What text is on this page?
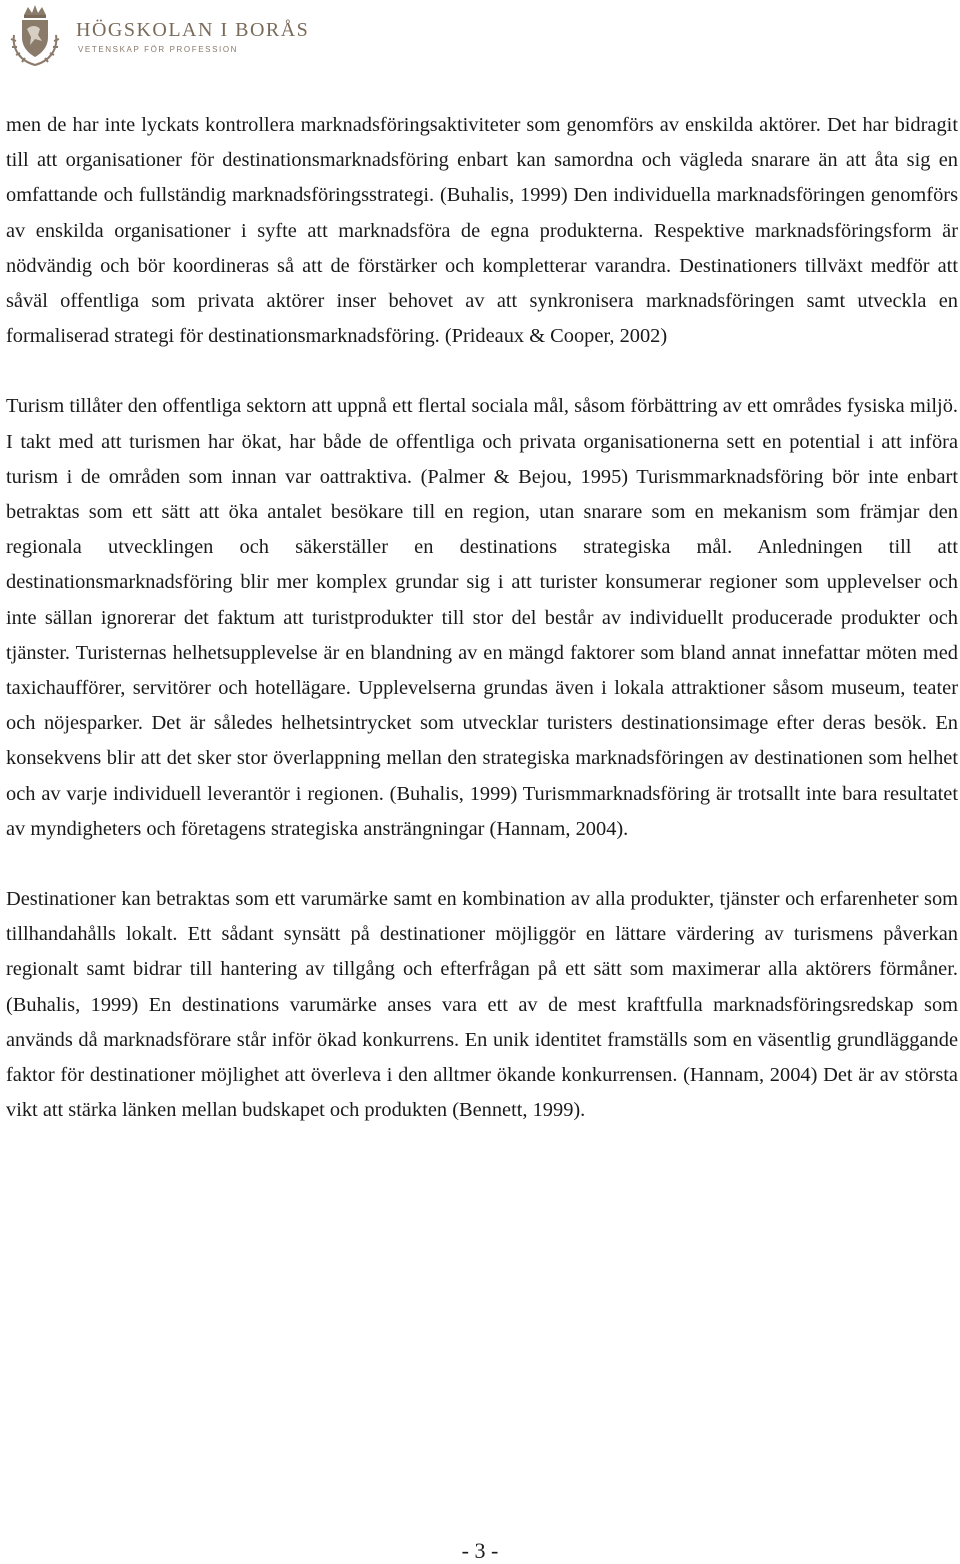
HÖGSKOLAN I BORÅS
VETENSKAP FÖR PROFESSION

men de har inte lyckats kontrollera marknadsföringsaktiviteter som genomförs av enskilda aktörer. Det har bidragit till att organisationer för destinationsmarknadsföring enbart kan samordna och vägleda snarare än att åta sig en omfattande och fullständig marknadsföringsstrategi. (Buhalis, 1999) Den individuella marknadsföringen genomförs av enskilda organisationer i syfte att marknadsföra de egna produkterna. Respektive marknadsföringsform är nödvändig och bör koordineras så att de förstärker och kompletterar varandra. Destinationers tillväxt medför att såväl offentliga som privata aktörer inser behovet av att synkronisera marknadsföringen samt utveckla en formaliserad strategi för destinationsmarknadsföring. (Prideaux & Cooper, 2002)

Turism tillåter den offentliga sektorn att uppnå ett flertal sociala mål, såsom förbättring av ett områdes fysiska miljö. I takt med att turismen har ökat, har både de offentliga och privata organisationerna sett en potential i att införa turism i de områden som innan var oattraktiva. (Palmer & Bejou, 1995) Turismmarknadsföring bör inte enbart betraktas som ett sätt att öka antalet besökare till en region, utan snarare som en mekanism som främjar den regionala utvecklingen och säkerställer en destinations strategiska mål. Anledningen till att destinationsmarknadsföring blir mer komplex grundar sig i att turister konsumerar regioner som upplevelser och inte sällan ignorerar det faktum att turistprodukter till stor del består av individuellt producerade produkter och tjänster. Turisternas helhetsupplevelse är en blandning av en mängd faktorer som bland annat innefattar möten med taxichaufförer, servitörer och hotellägare. Upplevelserna grundas även i lokala attraktioner såsom museum, teater och nöjesparker. Det är således helhetsintrycket som utvecklar turisters destinationsimage efter deras besök. En konsekvens blir att det sker stor överlappning mellan den strategiska marknadsföringen av destinationen som helhet och av varje individuell leverantör i regionen. (Buhalis, 1999) Turismmarknadsföring är trotsallt inte bara resultatet av myndigheters och företagens strategiska ansträngningar (Hannam, 2004).

Destinationer kan betraktas som ett varumärke samt en kombination av alla produkter, tjänster och erfarenheter som tillhandahålls lokalt. Ett sådant synsätt på destinationer möjliggör en lättare värdering av turismens påverkan regionalt samt bidrar till hantering av tillgång och efterfrågan på ett sätt som maximerar alla aktörers förmåner. (Buhalis, 1999) En destinations varumärke anses vara ett av de mest kraftfulla marknadsföringsredskap som används då marknadsförare står inför ökad konkurrens. En unik identitet framställs som en väsentlig grundläggande faktor för destinationer möjlighet att överleva i den alltmer ökande konkurrensen. (Hannam, 2004) Det är av största vikt att stärka länken mellan budskapet och produkten (Bennett, 1999).

- 3 -
